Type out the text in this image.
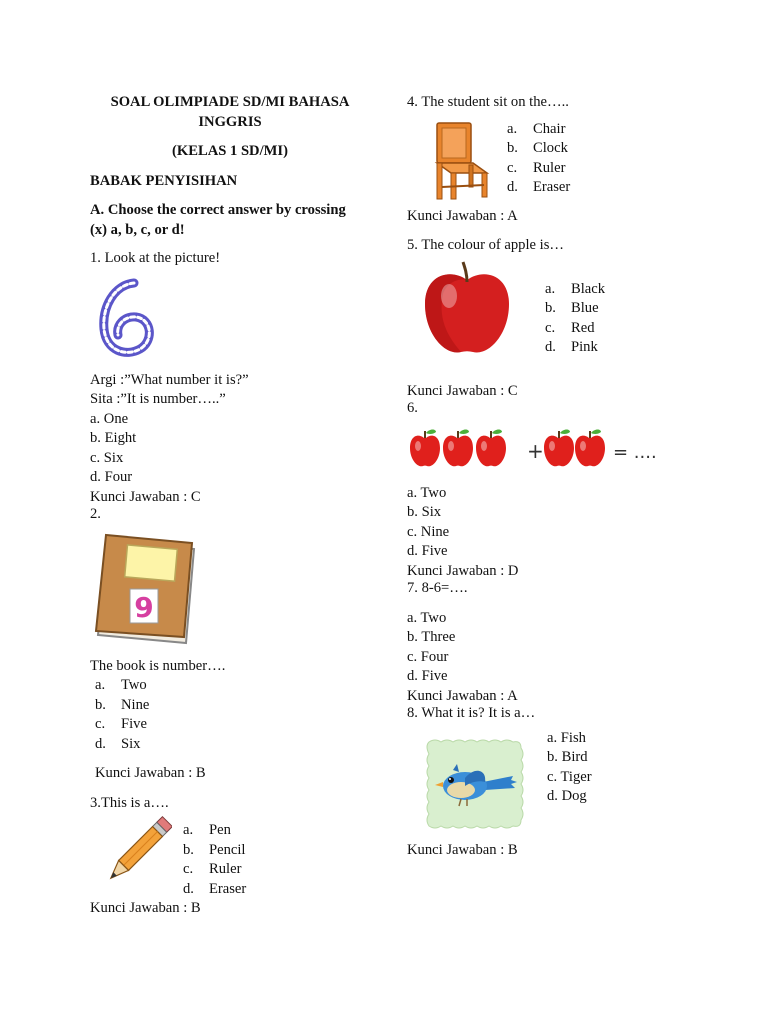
SOAL OLIMPIADE SD/MI BAHASA
INGGRIS
(KELAS 1 SD/MI)
BABAK PENYISIHAN
A. Choose the correct answer by crossing
(x) a, b, c, or d!
1. Look at the picture!
Argi :”What number it is?”
Sita :”It is number…..”
a. One
b. Eight
c. Six
d. Four
Kunci Jawaban : C
2.
9
The book is number….
a.	Two
b.	Nine
c.	Five
d.	Six
Kunci Jawaban : B
3.This is a….
a.	Pen
b.	Pencil
c.	Ruler
d.	Eraser
Kunci Jawaban : B
4. The student sit on the…..
a.	Chair
b.	Clock
c.	Ruler
d.	Eraser
Kunci Jawaban : A
5. The colour of apple is…
a.	Black
b.	Blue
c.	Red
d.	Pink
Kunci Jawaban : C
6.
+	= ....
a. Two
b. Six
c. Nine
d. Five
Kunci Jawaban : D
7. 8-6=….
a. Two
b. Three
c. Four
d. Five
Kunci Jawaban : A
8. What it is? It is a…
a. Fish
b. Bird
c. Tiger
d. Dog
Kunci Jawaban : B
